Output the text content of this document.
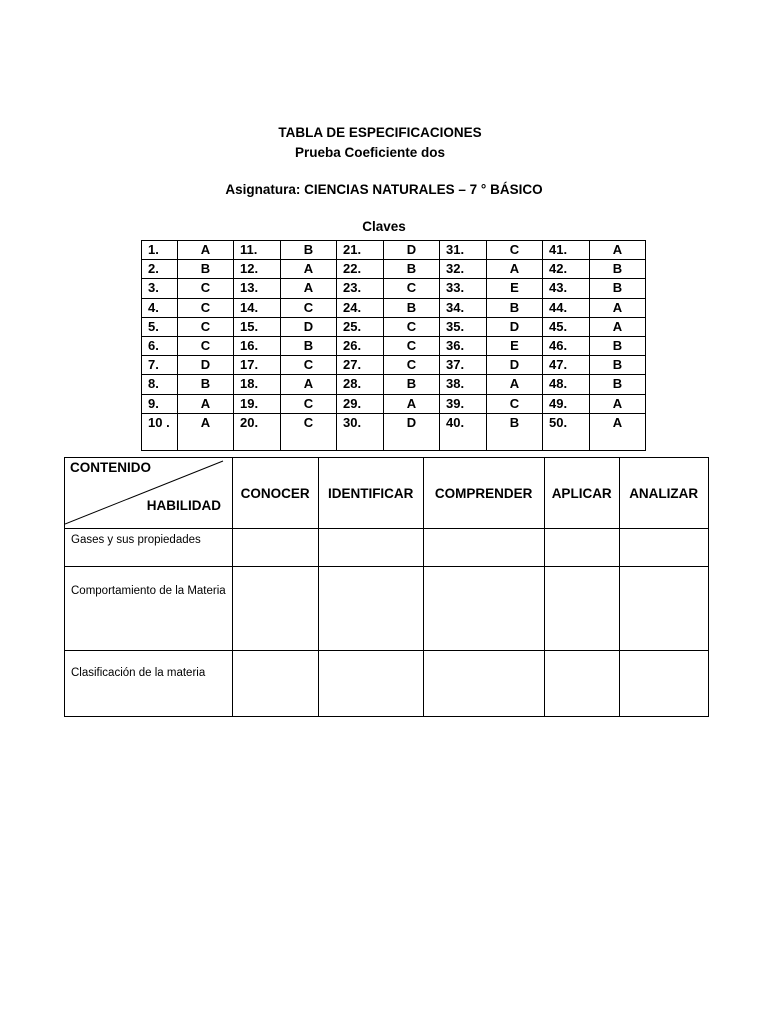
TABLA DE ESPECIFICACIONES
Prueba Coeficiente dos
Asignatura: CIENCIAS NATURALES – 7 ° BÁSICO
Claves
1.	A	11.	B	21.	D	31.	C	41.	A
2.	B	12.	A	22.	B	32.	A	42.	B
3.	C	13.	A	23.	C	33.	E	43.	B
4.	C	14.	C	24.	B	34.	B	44.	A
5.	C	15.	D	25.	C	35.	D	45.	A
6.	C	16.	B	26.	C	36.	E	46.	B
7.	D	17.	C	27.	C	37.	D	47.	B
8.	B	18.	A	28.	B	38.	A	48.	B
9.	A	19.	C	29.	A	39.	C	49.	A
10 .	A	20.	C	30.	D	40.	B	50.	A
CONTENIDO
HABILIDAD	CONOCER	IDENTIFICAR	COMPRENDER	APLICAR	ANALIZAR
Gases y sus propiedades					
Comportamiento de la Materia					
Clasificación de la materia					
